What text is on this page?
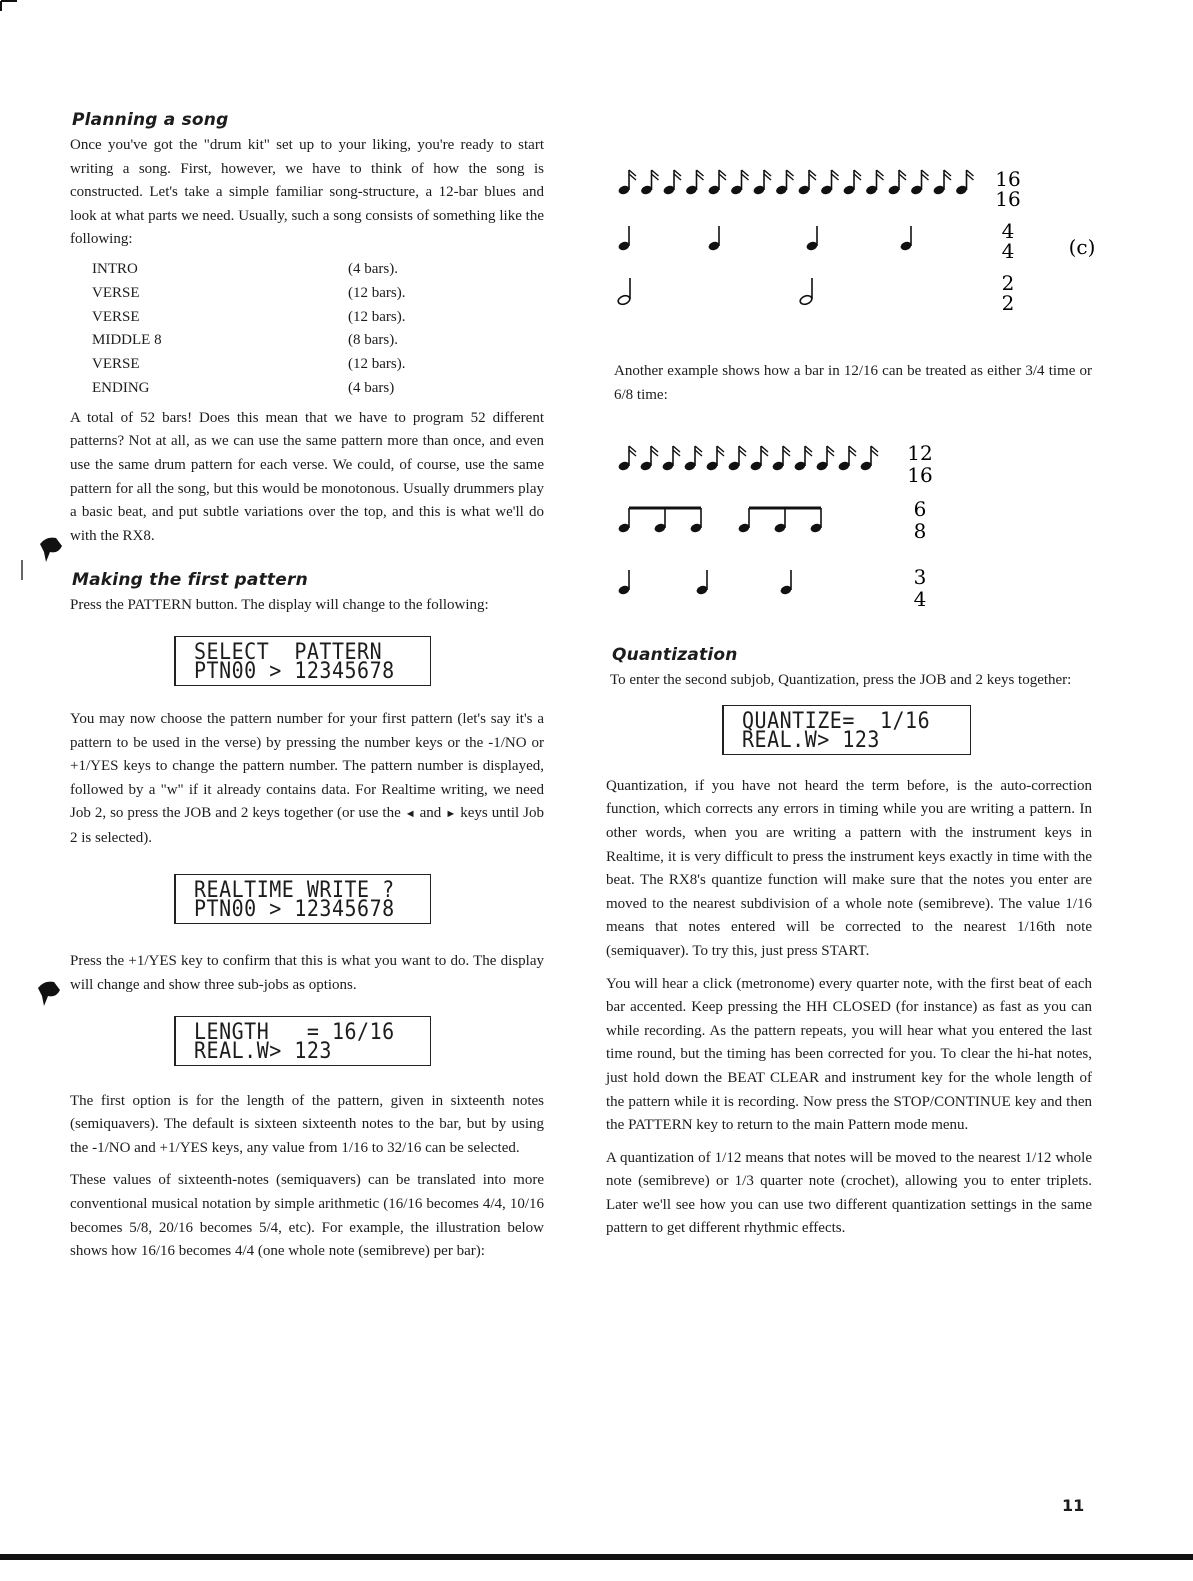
Planning a song

Once you've got the "drum kit" set up to your liking, you're ready to start writing a song. First, however, we have to think of how the song is constructed. Let's take a simple familiar song-structure, a 12-bar blues and look at what parts we need. Usually, such a song consists of something like the following:

INTRO	(4 bars).
VERSE	(12 bars).
VERSE	(12 bars).
MIDDLE 8	(8 bars).
VERSE	(12 bars).
ENDING	(4 bars)

A total of 52 bars! Does this mean that we have to program 52 different patterns? Not at all, as we can use the same pattern more than once, and even use the same drum pattern for each verse. We could, of course, use the same pattern for all the song, but this would be monotonous. Usually drummers play a basic beat, and put subtle variations over the top, and this is what we'll do with the RX8.

Making the first pattern

Press the PATTERN button. The display will change to the following:

SELECT  PATTERN
PTN00 > 12345678

You may now choose the pattern number for your first pattern (let's say it's a pattern to be used in the verse) by pressing the number keys or the -1/NO or +1/YES keys to change the pattern number. The pattern number is displayed, followed by a "w" if it already contains data. For Realtime writing, we need Job 2, so press the JOB and 2 keys together (or use the ◄ and ► keys until Job 2 is selected).

REALTIME WRITE ?
PTN00 > 12345678

Press the +1/YES key to confirm that this is what you want to do. The display will change and show three sub-jobs as options.

LENGTH   = 16/16
REAL.W> 123

The first option is for the length of the pattern, given in sixteenth notes (semiquavers). The default is sixteen sixteenth notes to the bar, but by using the -1/NO and +1/YES keys, any value from 1/16 to 32/16 can be selected.

These values of sixteenth-notes (semiquavers) can be translated into more conventional musical notation by simple arithmetic (16/16 becomes 4/4, 10/16 becomes 5/8, 20/16 becomes 5/4, etc). For example, the illustration below shows how 16/16 becomes 4/4 (one whole note (semibreve) per bar):

16
16
4
4	(c)
2
2
12
16
6
8
3
4

Another example shows how a bar in 12/16 can be treated as either 3/4 time or 6/8 time:

Quantization

To enter the second subjob, Quantization, press the JOB and 2 keys together:

QUANTIZE=  1/16
REAL.W> 123

Quantization, if you have not heard the term before, is the auto-correction function, which corrects any errors in timing while you are writing a pattern. In other words, when you are writing a pattern with the instrument keys in Realtime, it is very difficult to press the instrument keys exactly in time with the beat. The RX8's quantize function will make sure that the notes you enter are moved to the nearest subdivision of a whole note (semibreve). The value 1/16 means that notes entered will be corrected to the nearest 1/16th note (semiquaver). To try this, just press START.

You will hear a click (metronome) every quarter note, with the first beat of each bar accented. Keep pressing the HH CLOSED (for instance) as fast as you can while recording. As the pattern repeats, you will hear what you entered the last time round, but the timing has been corrected for you. To clear the hi-hat notes, just hold down the BEAT CLEAR and instrument key for the whole length of the pattern while it is recording. Now press the STOP/CONTINUE key and then the PATTERN key to return to the main Pattern mode menu.

A quantization of 1/12 means that notes will be moved to the nearest 1/12 whole note (semibreve) or 1/3 quarter note (crochet), allowing you to enter triplets. Later we'll see how you can use two different quantization settings in the same pattern to get different rhythmic effects.

11
